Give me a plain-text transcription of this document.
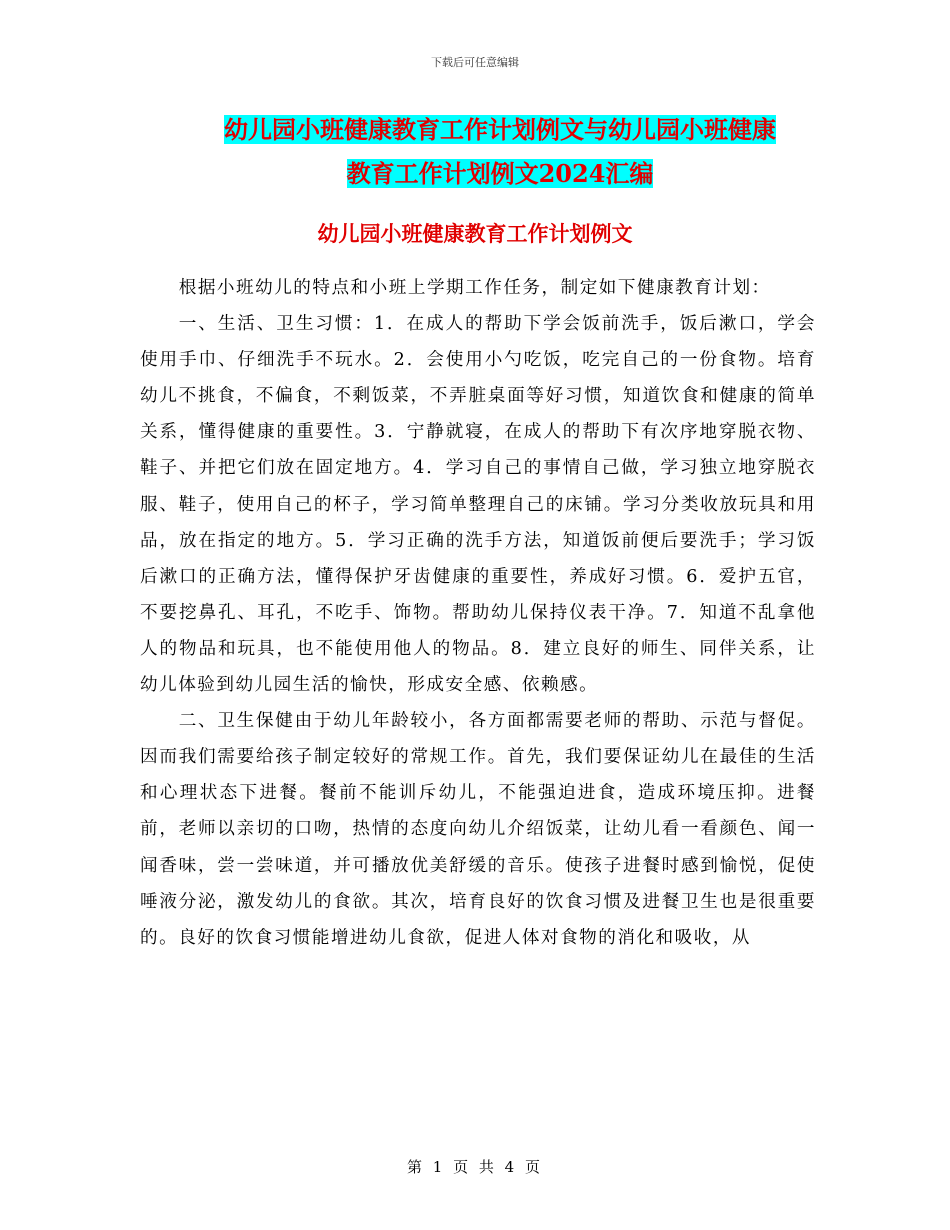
下载后可任意编辑
幼儿园小班健康教育工作计划例文与幼儿园小班健康
教育工作计划例文2024汇编
幼儿园小班健康教育工作计划例文

根据小班幼儿的特点和小班上学期工作任务，制定如下健康教育计划：

一、生活、卫生习惯：1．在成人的帮助下学会饭前洗手，饭后漱口，学会使用手巾、仔细洗手不玩水。2．会使用小勺吃饭，吃完自己的一份食物。培育幼儿不挑食，不偏食，不剩饭菜，不弄脏桌面等好习惯，知道饮食和健康的简单关系，懂得健康的重要性。3．宁静就寝，在成人的帮助下有次序地穿脱衣物、鞋子、并把它们放在固定地方。4．学习自己的事情自己做，学习独立地穿脱衣服、鞋子，使用自己的杯子，学习简单整理自己的床铺。学习分类收放玩具和用品，放在指定的地方。5．学习正确的洗手方法，知道饭前便后要洗手；学习饭后漱口的正确方法，懂得保护牙齿健康的重要性，养成好习惯。6．爱护五官，不要挖鼻孔、耳孔，不吃手、饰物。帮助幼儿保持仪表干净。7．知道不乱拿他人的物品和玩具，也不能使用他人的物品。8．建立良好的师生、同伴关系，让幼儿体验到幼儿园生活的愉快，形成安全感、依赖感。

二、卫生保健由于幼儿年龄较小，各方面都需要老师的帮助、示范与督促。因而我们需要给孩子制定较好的常规工作。首先，我们要保证幼儿在最佳的生活和心理状态下进餐。餐前不能训斥幼儿，不能强迫进食，造成环境压抑。进餐前，老师以亲切的口吻，热情的态度向幼儿介绍饭菜，让幼儿看一看颜色、闻一闻香味，尝一尝味道，并可播放优美舒缓的音乐。使孩子进餐时感到愉悦，促使唾液分泌，激发幼儿的食欲。其次，培育良好的饮食习惯及进餐卫生也是很重要的。良好的饮食习惯能增进幼儿食欲，促进人体对食物的消化和吸收，从

第 1 页 共 4 页
